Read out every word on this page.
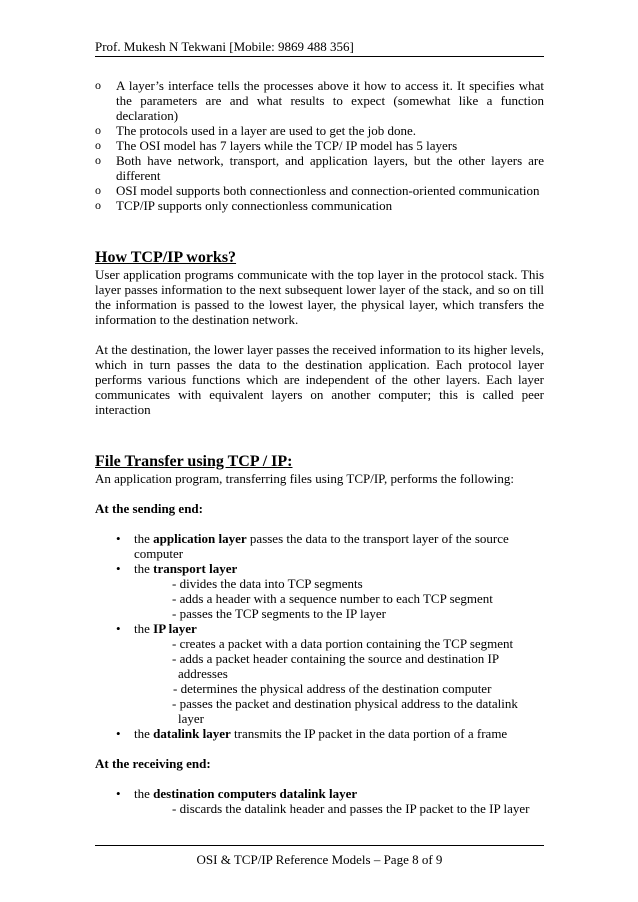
Prof. Mukesh N Tekwani [Mobile: 9869 488 356]
o A layer’s interface tells the processes above it how to access it. It specifies what the parameters are and what results to expect (somewhat like a function declaration)
o The protocols used in a layer are used to get the job done.
o The OSI model has 7 layers while the TCP/ IP model has 5 layers
o Both have network, transport, and application layers, but the other layers are different
o OSI model supports both connectionless and connection-oriented communication
o TCP/IP supports only connectionless communication
How TCP/IP works?

User application programs communicate with the top layer in the protocol stack. This layer passes information to the next subsequent lower layer of the stack, and so on till the information is passed to the lowest layer, the physical layer, which transfers the information to the destination network.

At the destination, the lower layer passes the received information to its higher levels, which in turn passes the data to the destination application. Each protocol layer performs various functions which are independent of the other layers. Each layer communicates with equivalent layers on another computer; this is called peer interaction

File Transfer using TCP / IP:

An application program, transferring files using TCP/IP, performs the following:

At the sending end:

• the application layer passes the data to the transport layer of the source computer
• the transport layer
- divides the data into TCP segments
- adds a header with a sequence number to each TCP segment
- passes the TCP segments to the IP layer
• the IP layer
- creates a packet with a data portion containing the TCP segment
- adds a packet header containing the source and destination IP
addresses
- determines the physical address of the destination computer
- passes the packet and destination physical address to the datalink
layer
• the datalink layer transmits the IP packet in the data portion of a frame

At the receiving end:

• the destination computers datalink layer
- discards the datalink header and passes the IP packet to the IP layer
OSI & TCP/IP Reference Models – Page 8 of 9
